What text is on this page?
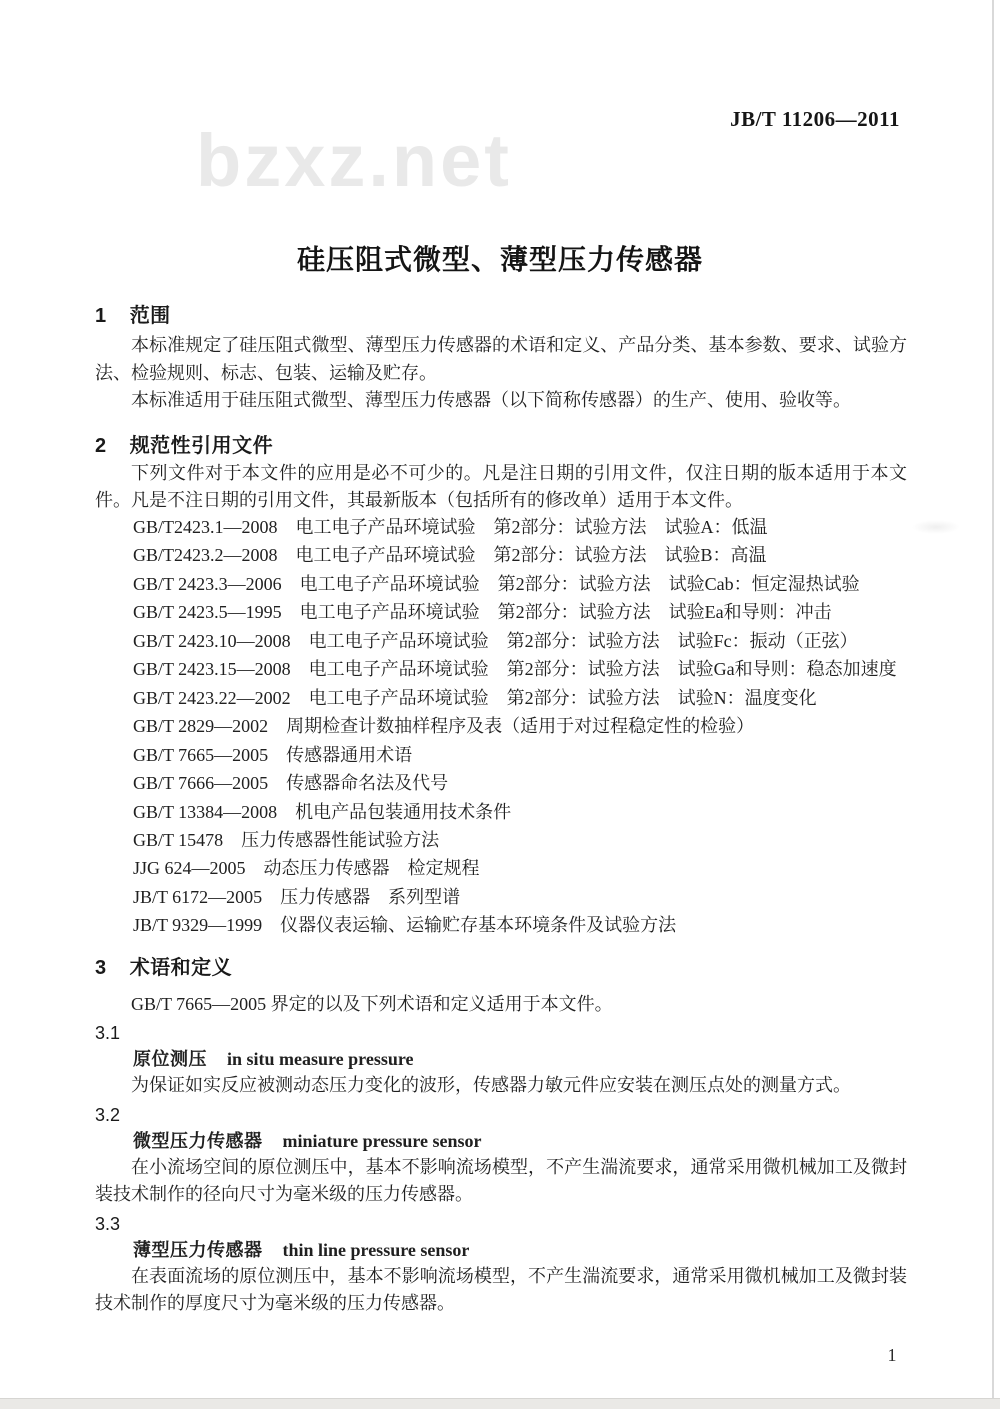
JB/T 11206—2011
bzxz.net
硅压阻式微型、薄型压力传感器
1 范围

本标准规定了硅压阻式微型、薄型压力传感器的术语和定义、产品分类、基本参数、要求、试验方法、检验规则、标志、包装、运输及贮存。

本标准适用于硅压阻式微型、薄型压力传感器（以下简称传感器）的生产、使用、验收等。

2 规范性引用文件

下列文件对于本文件的应用是必不可少的。凡是注日期的引用文件，仅注日期的版本适用于本文件。凡是不注日期的引用文件，其最新版本（包括所有的修改单）适用于本文件。

GB/T2423.1—2008　电工电子产品环境试验　第2部分：试验方法　试验A：低温
GB/T2423.2—2008　电工电子产品环境试验　第2部分：试验方法　试验B：高温
GB/T 2423.3—2006　电工电子产品环境试验　第2部分：试验方法　试验Cab：恒定湿热试验
GB/T 2423.5—1995　电工电子产品环境试验　第2部分：试验方法　试验Ea和导则：冲击
GB/T 2423.10—2008　电工电子产品环境试验　第2部分：试验方法　试验Fc：振动（正弦）
GB/T 2423.15—2008　电工电子产品环境试验　第2部分：试验方法　试验Ga和导则：稳态加速度
GB/T 2423.22—2002　电工电子产品环境试验　第2部分：试验方法　试验N：温度变化
GB/T 2829—2002　周期检查计数抽样程序及表（适用于对过程稳定性的检验）
GB/T 7665—2005　传感器通用术语
GB/T 7666—2005　传感器命名法及代号
GB/T 13384—2008　机电产品包装通用技术条件
GB/T 15478　压力传感器性能试验方法
JJG 624—2005　动态压力传感器　检定规程
JB/T 6172—2005　压力传感器　系列型谱
JB/T 9329—1999　仪器仪表运输、运输贮存基本环境条件及试验方法
3 术语和定义

GB/T 7665—2005 界定的以及下列术语和定义适用于本文件。

3.1
原位测压 in situ measure pressure

为保证如实反应被测动态压力变化的波形，传感器力敏元件应安装在测压点处的测量方式。

3.2
微型压力传感器 miniature pressure sensor

在小流场空间的原位测压中，基本不影响流场模型，不产生湍流要求，通常采用微机械加工及微封装技术制作的径向尺寸为毫米级的压力传感器。

3.3
薄型压力传感器 thin line pressure sensor

在表面流场的原位测压中，基本不影响流场模型，不产生湍流要求，通常采用微机械加工及微封装技术制作的厚度尺寸为毫米级的压力传感器。

1
